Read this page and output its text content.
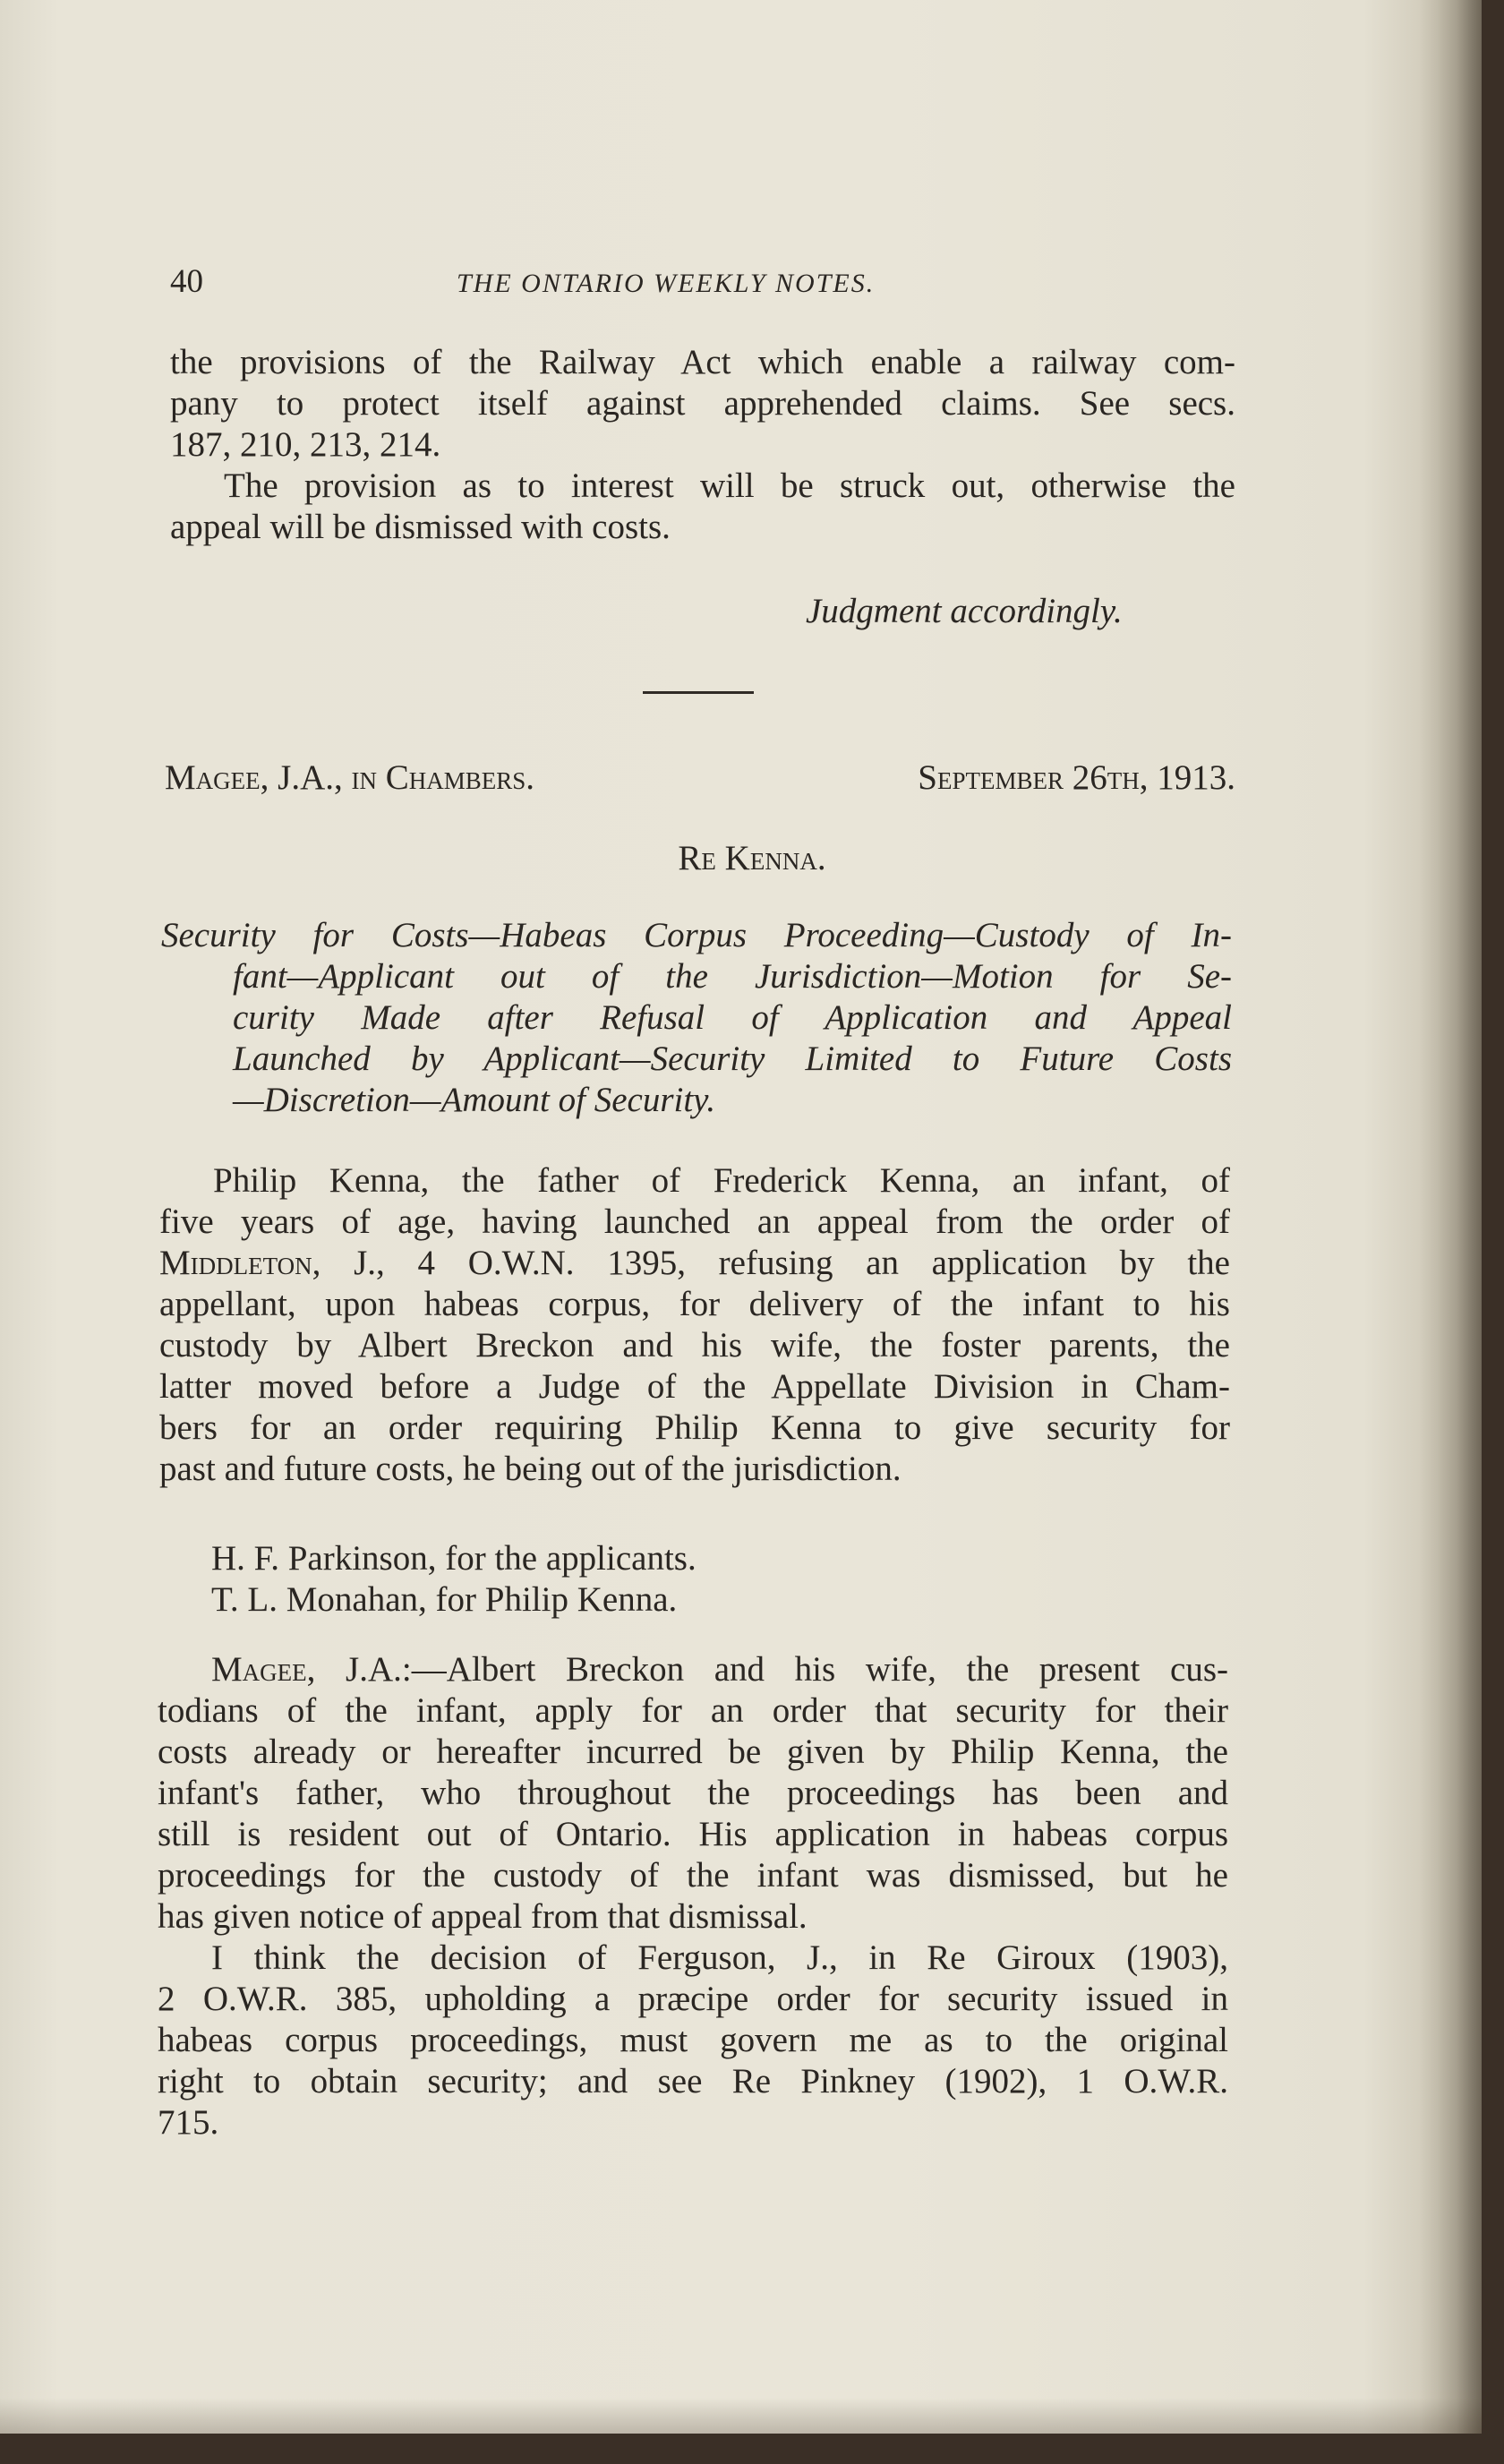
40	THE ONTARIO WEEKLY NOTES.
the provisions of the Railway Act which enable a railway com-
pany to protect itself against apprehended claims. See secs.
187, 210, 213, 214.
The provision as to interest will be struck out, otherwise the
appeal will be dismissed with costs.
Judgment accordingly.
Magee, J.A., in Chambers.	September 26th, 1913.
Re Kenna.
Security for Costs—Habeas Corpus Proceeding—Custody of In-
fant—Applicant out of the Jurisdiction—Motion for Se-
curity Made after Refusal of Application and Appeal
Launched by Applicant—Security Limited to Future Costs
—Discretion—Amount of Security.
Philip Kenna, the father of Frederick Kenna, an infant, of
five years of age, having launched an appeal from the order of
Middleton, J., 4 O.W.N. 1395, refusing an application by the
appellant, upon habeas corpus, for delivery of the infant to his
custody by Albert Breckon and his wife, the foster parents, the
latter moved before a Judge of the Appellate Division in Cham-
bers for an order requiring Philip Kenna to give security for
past and future costs, he being out of the jurisdiction.
H. F. Parkinson, for the applicants.
T. L. Monahan, for Philip Kenna.
Magee, J.A.:—Albert Breckon and his wife, the present cus-
todians of the infant, apply for an order that security for their
costs already or hereafter incurred be given by Philip Kenna, the
infant's father, who throughout the proceedings has been and
still is resident out of Ontario. His application in habeas corpus
proceedings for the custody of the infant was dismissed, but he
has given notice of appeal from that dismissal.
I think the decision of Ferguson, J., in Re Giroux (1903),
2 O.W.R. 385, upholding a præcipe order for security issued in
habeas corpus proceedings, must govern me as to the original
right to obtain security; and see Re Pinkney (1902), 1 O.W.R.
715.
